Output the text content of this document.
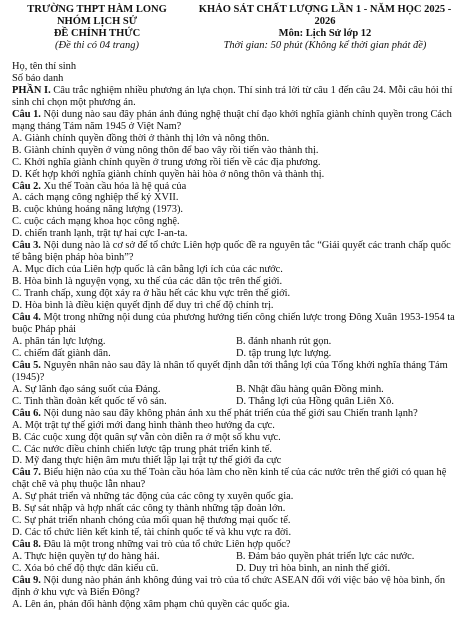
TRƯỜNG THPT HÀM LONG
NHÓM LỊCH SỬ
ĐỀ CHÍNH THỨC
(Đề thi có 04 trang)
KHẢO SÁT CHẤT LƯỢNG LẦN 1 - NĂM HỌC 2025 - 2026
Môn: Lịch Sử lớp 12
Thời gian: 50 phút (Không kể thời gian phát đề)

Họ, tên thí sinh

Số báo danh

PHẦN I. Câu trắc nghiệm nhiều phương án lựa chọn. Thí sinh trả lời từ câu 1 đến câu 24. Mỗi câu hỏi thí sinh chỉ chọn một phương án.

Câu 1. Nội dung nào sau đây phản ánh đúng nghệ thuật chỉ đạo khởi nghĩa giành chính quyền trong Cách mạng tháng Tám năm 1945 ở Việt Nam?

A. Giành chính quyền đồng thời ở thành thị lớn và nông thôn.

B. Giành chính quyền ở vùng nông thôn để bao vây rồi tiến vào thành thị.

C. Khởi nghĩa giành chính quyền ở trung ương rồi tiến về các địa phương.

D. Kết hợp khởi nghĩa giành chính quyền hài hòa ở nông thôn và thành thị.

Câu 2. Xu thế Toàn cầu hóa là hệ quả của

A. cách mạng công nghiệp thế kỷ XVII.

B. cuộc khủng hoảng năng lượng (1973).

C. cuộc cách mạng khoa học công nghệ.

D. chiến tranh lạnh, trật tự hai cực I-an-ta.

Câu 3. Nội dung nào là cơ sở để tổ chức Liên hợp quốc đề ra nguyên tắc “Giải quyết các tranh chấp quốc tế bằng biện pháp hòa bình”?

A. Mục đích của Liên hợp quốc là cân bằng lợi ích của các nước.

B. Hòa bình là nguyện vọng, xu thế của các dân tộc trên thế giới.

C. Tranh chấp, xung đột xảy ra ở hầu hết các khu vực trên thế giới.

D. Hòa bình là điều kiện quyết định để duy trì chế độ chính trị.

Câu 4. Một trong những nội dung của phương hướng tiến công chiến lược trong Đông Xuân 1953-1954 ta buộc Pháp phải

A. phân tán lực lượng.	B. đánh nhanh rút gọn.
C. chiếm đất giành dân.	D. tập trung lực lượng.

Câu 5. Nguyên nhân nào sau đây là nhân tố quyết định dẫn tới thắng lợi của Tổng khởi nghĩa tháng Tám (1945)?

A. Sự lãnh đạo sáng suốt của Đảng.	B. Nhật đầu hàng quân Đồng minh.
C. Tinh thần đoàn kết quốc tế vô sản.	D. Thắng lợi của Hồng quân Liên Xô.

Câu 6. Nội dung nào sau đây không phản ánh xu thế phát triển của thế giới sau Chiến tranh lạnh?

A. Một trật tự thế giới mới đang hình thành theo hướng đa cực.

B. Các cuộc xung đột quân sự vẫn còn diễn ra ở một số khu vực.

C. Các nước điều chỉnh chiến lược tập trung phát triển kinh tế.

D. Mỹ đang thực hiện âm mưu thiết lập lại trật tự thế giới đa cực

Câu 7. Biểu hiện nào của xu thế Toàn cầu hóa làm cho nền kinh tế của các nước trên thế giới có quan hệ chặt chẽ và phụ thuộc lẫn nhau?

A. Sự phát triển và những tác động của các công ty xuyên quốc gia.

B. Sự sát nhập và hợp nhất các công ty thành những tập đoàn lớn.

C. Sự phát triển nhanh chóng của mối quan hệ thương mại quốc tế.

D. Các tổ chức liên kết kinh tế, tài chính quốc tế và khu vực ra đời.

Câu 8. Đâu là một trong những vai trò của tổ chức Liên hợp quốc?

A. Thực hiện quyền tự do hàng hải.	B. Đảm bảo quyền phát triển lực các nước.
C. Xóa bỏ chế độ thực dân kiểu cũ.	D. Duy trì hòa bình, an ninh thế giới.

Câu 9. Nội dung nào phản ánh không đúng vai trò của tổ chức ASEAN đối với việc bảo vệ hòa bình, ổn định ở khu vực và Biển Đông?

A. Lên án, phản đối hành động xâm phạm chủ quyền các quốc gia.
